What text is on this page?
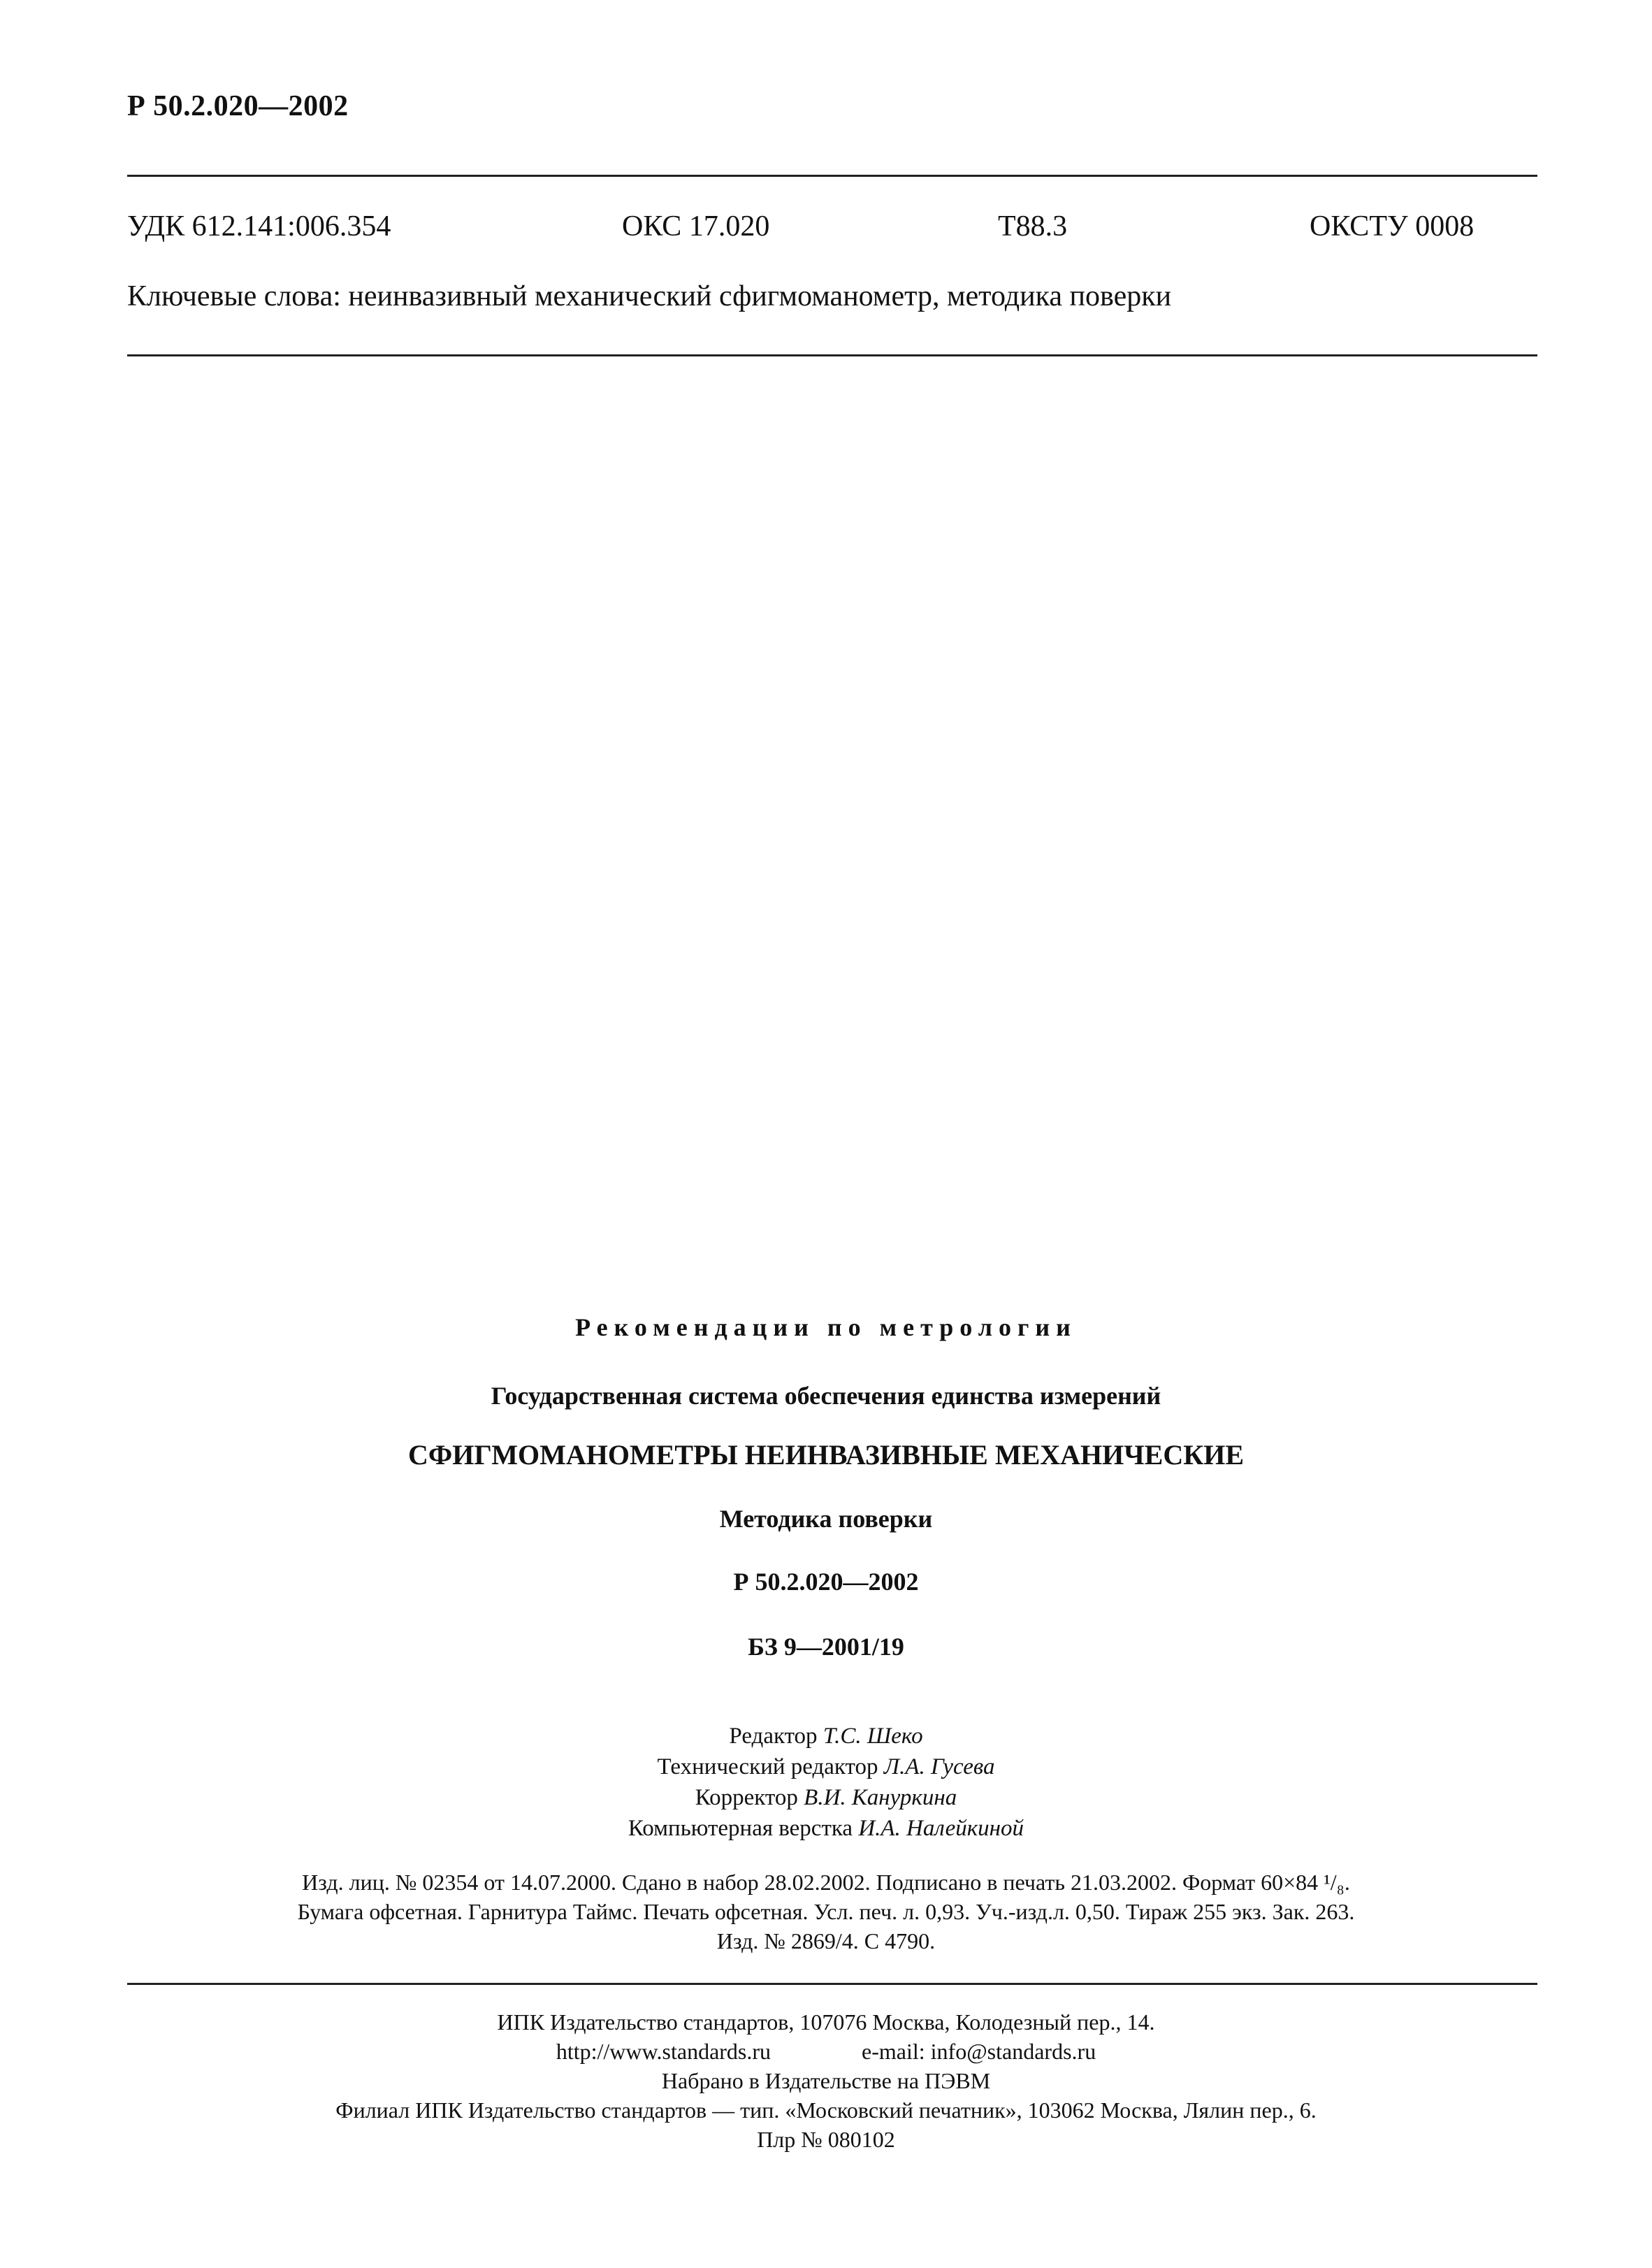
Р 50.2.020—2002
УДК 612.141:006.354	ОКС 17.020	Т88.3	ОКСТУ 0008
Ключевые слова: неинвазивный механический сфигмоманометр, методика поверки
Рекомендации по метрологии
Государственная система обеспечения единства измерений
СФИГМОМАНОМЕТРЫ НЕИНВАЗИВНЫЕ МЕХАНИЧЕСКИЕ
Методика поверки
Р 50.2.020—2002
БЗ 9—2001/19
Редактор Т.С. Шеко
Технический редактор Л.А. Гусева
Корректор В.И. Кануркина
Компьютерная верстка И.А. Налейкиной
Изд. лиц. № 02354 от 14.07.2000. Сдано в набор 28.02.2002. Подписано в печать 21.03.2002. Формат 60×84 ¹/₈.
Бумага офсетная. Гарнитура Таймс. Печать офсетная. Усл. печ. л. 0,93. Уч.-изд.л. 0,50. Тираж 255 экз. Зак. 263.
Изд. № 2869/4. С 4790.
ИПК Издательство стандартов, 107076 Москва, Колодезный пер., 14.
http://www.standards.ru	e-mail: info@standards.ru
Набрано в Издательстве на ПЭВМ
Филиал ИПК Издательство стандартов — тип. «Московский печатник», 103062 Москва, Лялин пер., 6.
Плр № 080102
